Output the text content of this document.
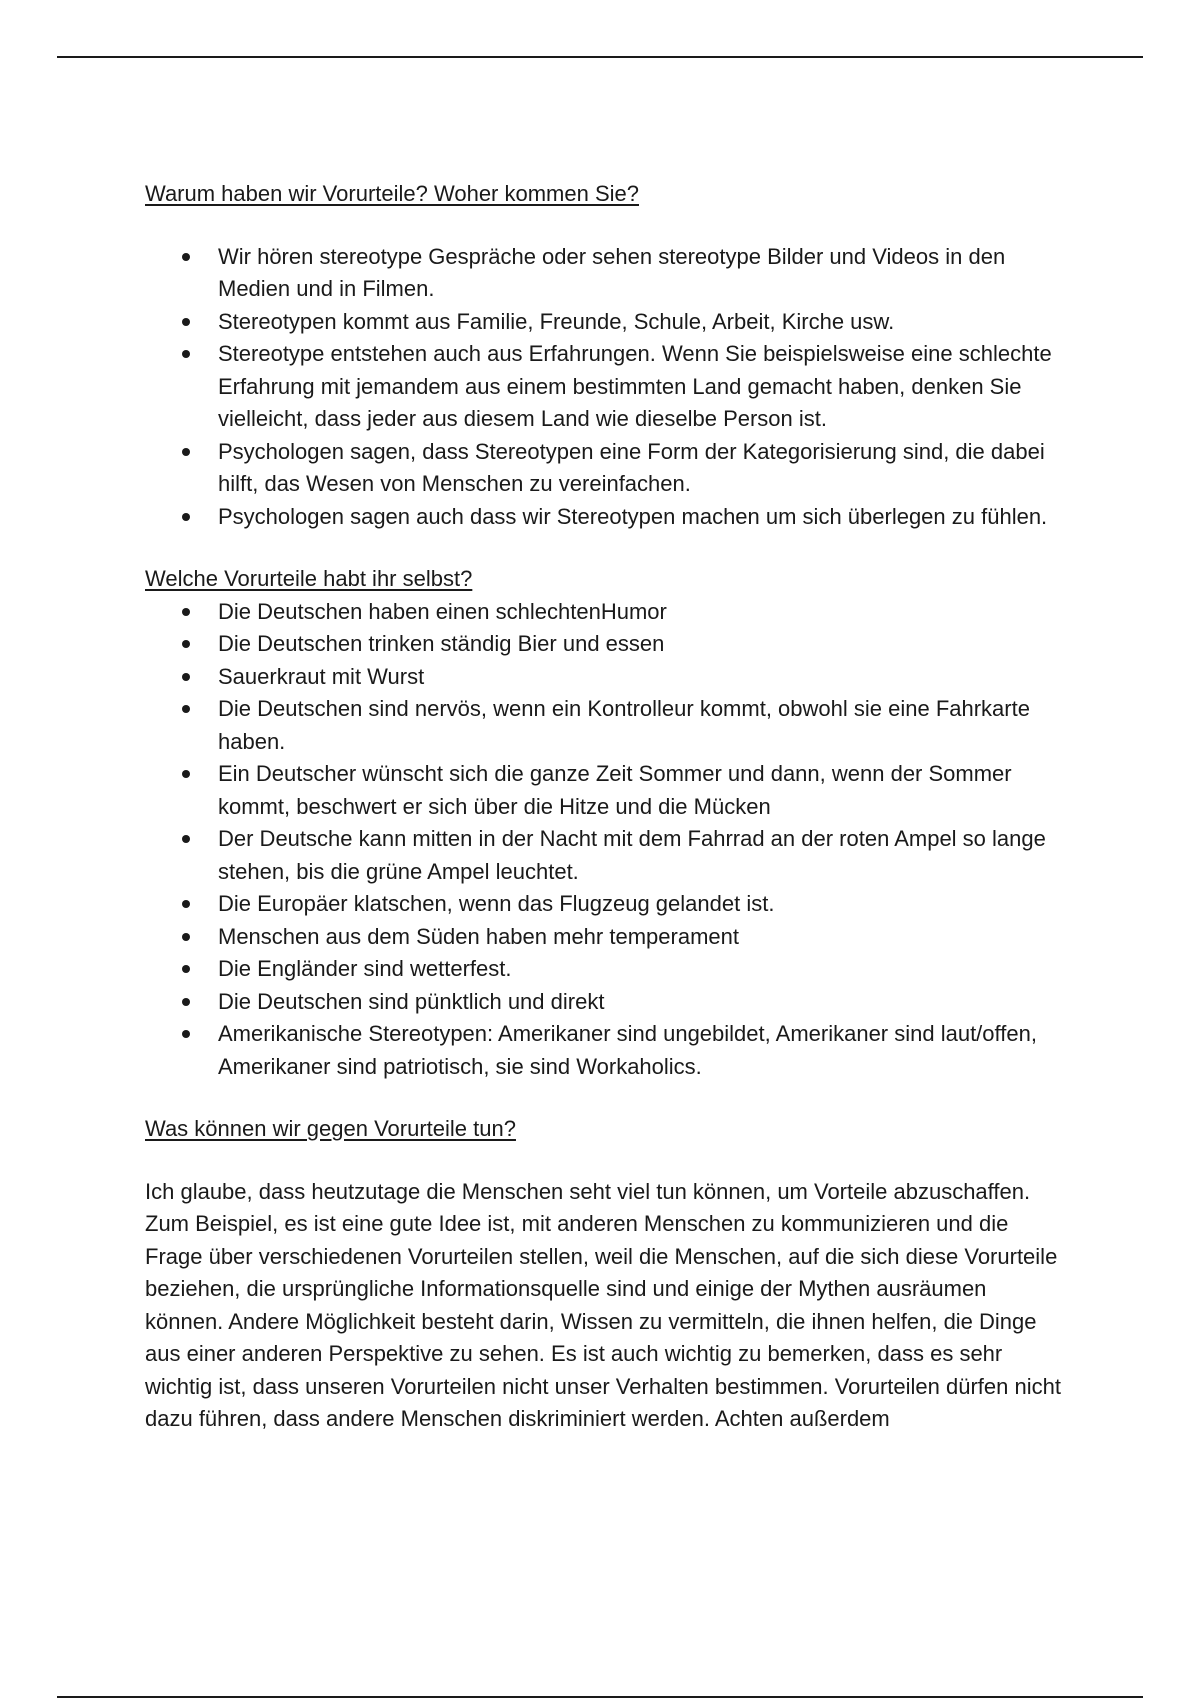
Warum haben wir Vorurteile? Woher kommen Sie?
Wir hören stereotype Gespräche oder sehen stereotype Bilder und Videos in den Medien und in Filmen.
Stereotypen kommt aus Familie, Freunde, Schule, Arbeit, Kirche usw.
Stereotype entstehen auch aus Erfahrungen. Wenn Sie beispielsweise eine schlechte Erfahrung mit jemandem aus einem bestimmten Land gemacht haben, denken Sie vielleicht, dass jeder aus diesem Land wie dieselbe Person ist.
Psychologen sagen, dass Stereotypen eine Form der Kategorisierung sind, die dabei hilft, das Wesen von Menschen zu vereinfachen.
Psychologen sagen auch dass wir Stereotypen machen um sich überlegen zu fühlen.
Welche Vorurteile habt ihr selbst?
Die Deutschen haben einen schlechtenHumor
Die Deutschen trinken ständig Bier und essen
Sauerkraut mit Wurst
Die Deutschen sind nervös, wenn ein Kontrolleur kommt, obwohl sie eine Fahrkarte haben.
Ein Deutscher wünscht sich die ganze Zeit Sommer und dann, wenn der Sommer kommt, beschwert er sich über die Hitze und die Mücken
Der Deutsche kann mitten in der Nacht mit dem Fahrrad an der roten Ampel so lange stehen, bis die grüne Ampel leuchtet.
Die Europäer klatschen, wenn das Flugzeug gelandet ist.
Menschen aus dem Süden haben mehr temperament
Die Engländer sind wetterfest.
Die Deutschen sind pünktlich und direkt
Amerikanische Stereotypen: Amerikaner sind ungebildet, Amerikaner sind laut/offen, Amerikaner sind patriotisch, sie sind Workaholics.
Was können wir gegen Vorurteile tun?

Ich glaube, dass heutzutage die Menschen seht viel tun können, um Vorteile abzuschaffen. Zum Beispiel, es ist eine gute Idee ist, mit anderen Menschen zu kommunizieren und die Frage über verschiedenen Vorurteilen stellen, weil die Menschen, auf die sich diese Vorurteile beziehen, die ursprüngliche Informationsquelle sind und einige der Mythen ausräumen können. Andere Möglichkeit besteht darin, Wissen zu vermitteln, die ihnen helfen, die Dinge aus einer anderen Perspektive zu sehen. Es ist auch wichtig zu bemerken, dass es sehr wichtig ist, dass unseren Vorurteilen nicht unser Verhalten bestimmen. Vorurteilen dürfen nicht dazu führen, dass andere Menschen diskriminiert werden. Achten außerdem
